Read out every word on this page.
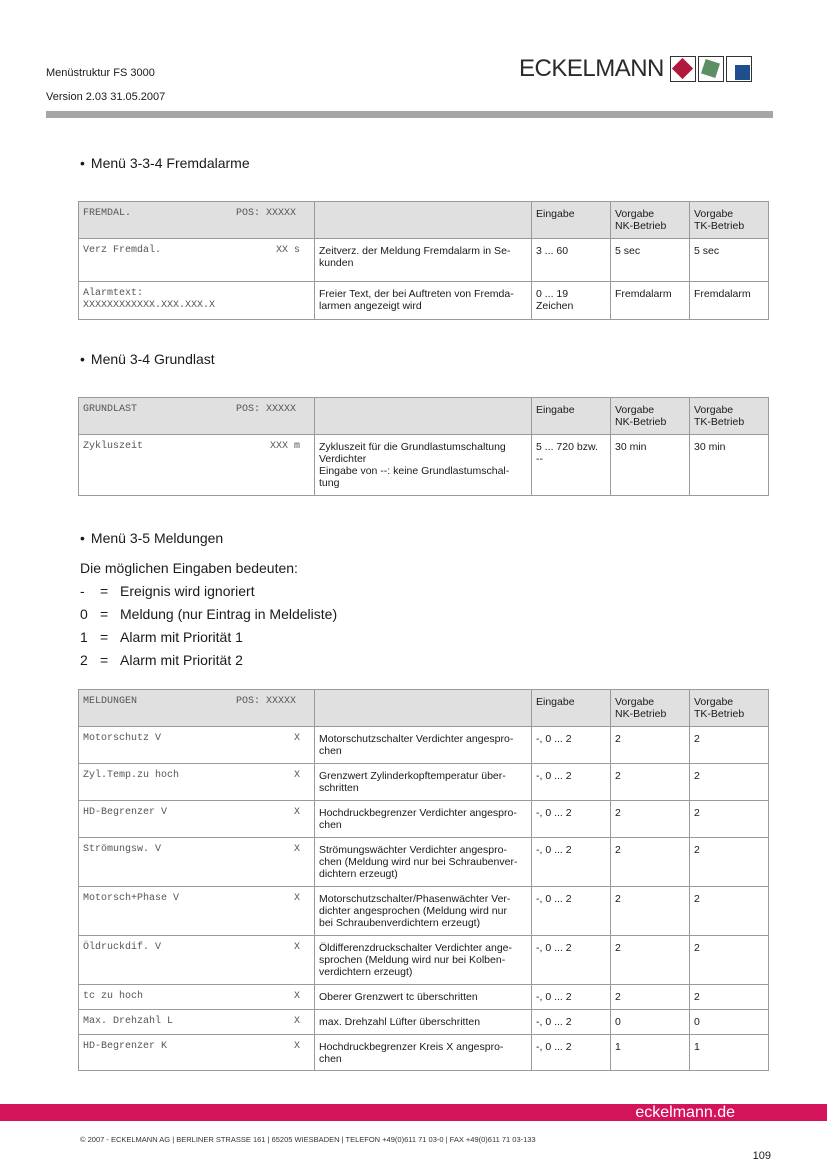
Menüstruktur FS 3000
Version 2.03 31.05.2007
ECKELMANN
• Menü 3-3-4 Fremdalarme
FREMDAL. POS: XXXXX		Eingabe	Vorgabe
NK-Betrieb	Vorgabe
TK-Betrieb

Verz Fremdal. XX s	Zeitverz. der Meldung Fremdalarm in Se-
kunden	3 ... 60	5 sec	5 sec
Alarmtext:
XXXXXXXXXXXX.XXX.XXX.X	Freier Text, der bei Auftreten von Fremda-
larmen angezeigt wird	0 ... 19
Zeichen	Fremdalarm	Fremdalarm
• Menü 3-4 Grundlast
GRUNDLAST POS: XXXXX		Eingabe	Vorgabe
NK-Betrieb	Vorgabe
TK-Betrieb

Zykluszeit XXX m	Zykluszeit für die Grundlastumschaltung
Verdichter
Eingabe von --: keine Grundlastumschal-
tung	5 ... 720 bzw.
--	30 min	30 min
• Menü 3-5 Meldungen
Die möglichen Eingaben bedeuten:
-	= Ereignis wird ignoriert
0 = Meldung (nur Eintrag in Meldeliste)
1 = Alarm mit Priorität 1
2 = Alarm mit Priorität 2
MELDUNGEN POS: XXXXX		Eingabe	Vorgabe
NK-Betrieb	Vorgabe
TK-Betrieb

Motorschutz V X	Motorschutzschalter Verdichter angespro-
chen	-, 0 ... 2	2	2

Zyl.Temp.zu hoch X	Grenzwert Zylinderkopftemperatur über-
schritten	-, 0 ... 2	2	2

HD-Begrenzer V X	Hochdruckbegrenzer Verdichter angespro-
chen	-, 0 ... 2	2	2

Strömungsw. V X	Strömungswächter Verdichter angespro-
chen (Meldung wird nur bei Schraubenver-
dichtern erzeugt)	-, 0 ... 2	2	2

Motorsch+Phase V X	Motorschutzschalter/Phasenwächter Ver-
dichter angesprochen (Meldung wird nur
bei Schraubenverdichtern erzeugt)	-, 0 ... 2	2	2

Öldruckdif. V X	Öldifferenzdruckschalter Verdichter ange-
sprochen (Meldung wird nur bei Kolben-
verdichtern erzeugt)	-, 0 ... 2	2	2

tc zu hoch X	Oberer Grenzwert tc überschritten	-, 0 ... 2	2	2

Max. Drehzahl L X	max. Drehzahl Lüfter überschritten	-, 0 ... 2	0	0

HD-Begrenzer K X	Hochdruckbegrenzer Kreis X angespro-
chen	-, 0 ... 2	1	1
eckelmann.de
© 2007 - ECKELMANN AG | BERLINER STRASSE 161 | 65205 WIESBADEN | TELEFON +49(0)611 71 03-0 | FAX +49(0)611 71 03-133
109
